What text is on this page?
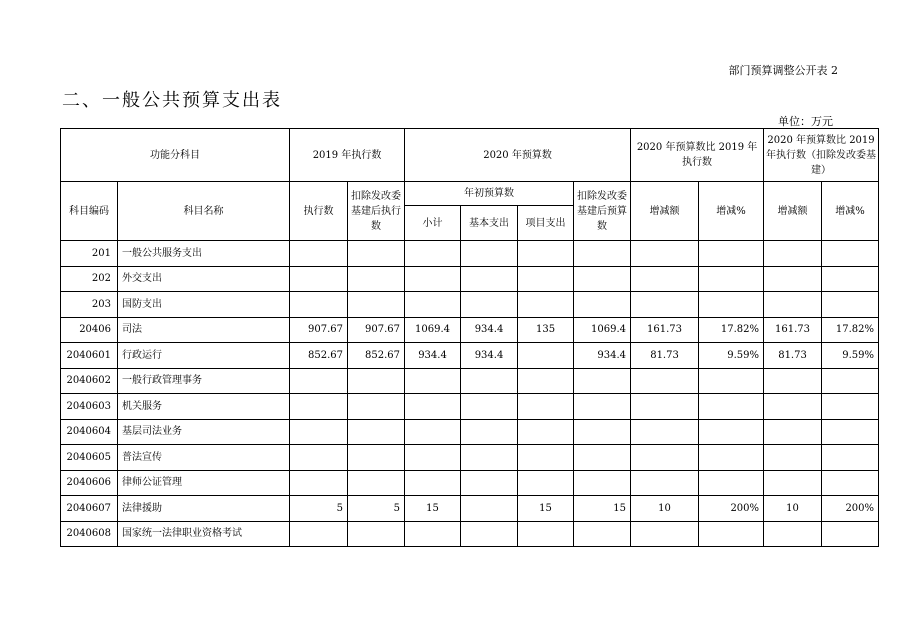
部门预算调整公开表 2
二、一般公共预算支出表
单位：万元
功能分科目		2019 年执行数		2020 年预算数				2020 年预算数比 2019 年执行数		2020 年预算数比 2019 年执行数（扣除发改委基建）	
科目编码	科目名称	执行数	扣除发改委基建后执行数	年初预算数			扣除发改委基建后预算数	增减额	增减%	增减额	增减%
				小计	基本支出	项目支出					
201	一般公共服务支出										
202	外交支出										
203	国防支出										
20406	司法	907.67	907.67	1069.4	934.4	135	1069.4	161.73	17.82%	161.73	17.82%
2040601	行政运行	852.67	852.67	934.4	934.4		934.4	81.73	9.59%	81.73	9.59%
2040602	一般行政管理事务										
2040603	机关服务										
2040604	基层司法业务										
2040605	普法宣传										
2040606	律师公证管理										
2040607	法律援助	5	5	15		15	15	10	200%	10	200%
2040608	国家统一法律职业资格考试										
